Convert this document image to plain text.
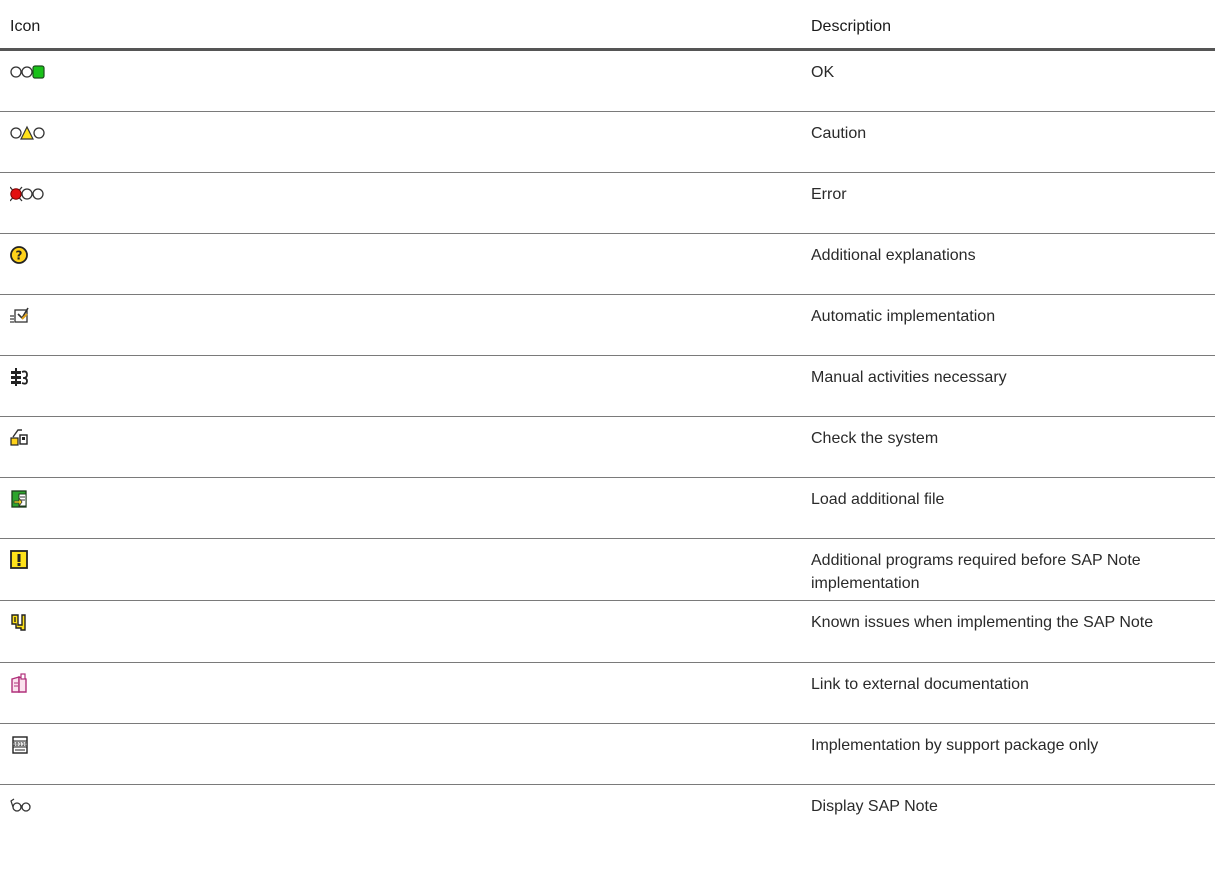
Icon	Description
OK
Caution
Error
?	Additional explanations
Automatic implementation
Manual activities necessary
Check the system
Load additional file
Additional programs required before SAP Note implementation
Known issues when implementing the SAP Note
Link to external documentation
10110	Implementation by support package only
Display SAP Note
